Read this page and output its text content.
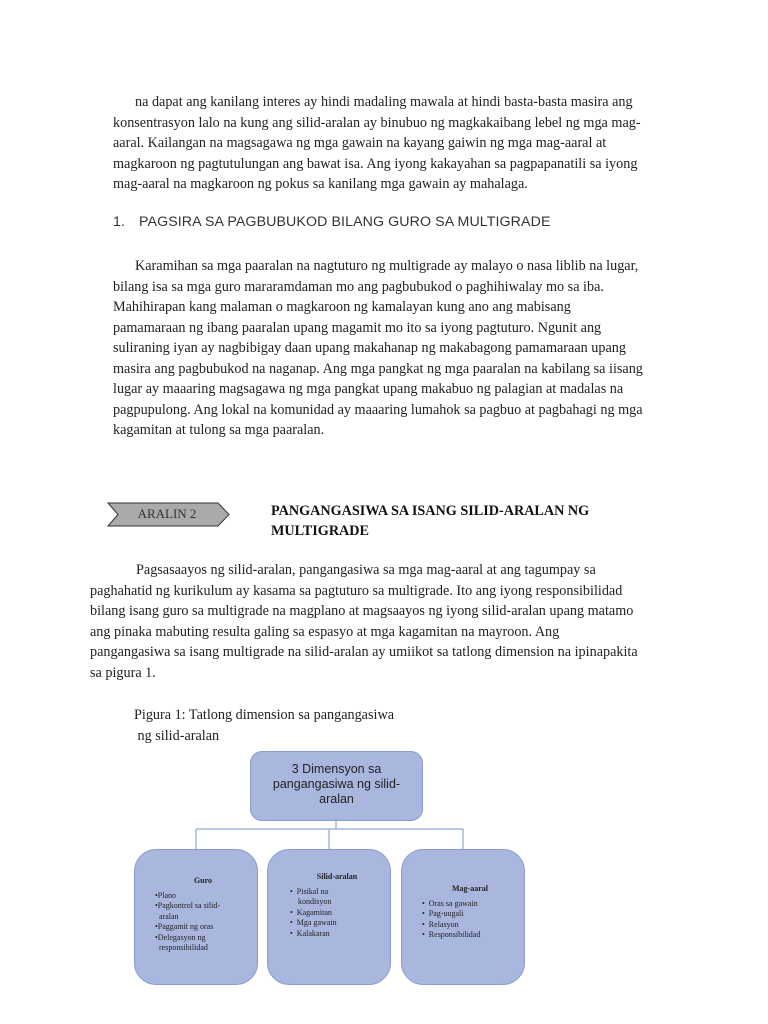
na dapat ang kanilang interes ay hindi madaling mawala at hindi basta-basta masira ang
konsentrasyon lalo na kung ang silid-aralan ay binubuo ng magkakaibang lebel ng mga mag-
aaral. Kailangan na magsagawa ng mga gawain na kayang gaiwin ng mga mag-aaral at
magkaroon ng pagtutulungan ang bawat isa. Ang iyong kakayahan sa pagpapanatili sa iyong
mag-aaral na magkaroon ng pokus sa kanilang mga gawain ay mahalaga.

1. PAGSIRA SA PAGBUBUKOD BILANG GURO SA MULTIGRADE

Karamihan sa mga paaralan na nagtuturo ng multigrade ay malayo o nasa liblib na lugar,
bilang isa sa mga guro mararamdaman mo ang pagbubukod o paghihiwalay mo sa iba.
Mahihirapan kang malaman o magkaroon ng kamalayan kung ano ang mabisang
pamamaraan ng ibang paaralan upang magamit mo ito sa iyong pagtuturo. Ngunit ang
suliraning iyan ay nagbibigay daan upang makahanap ng makabagong pamamaraan upang
masira ang pagbubukod na naganap. Ang mga pangkat ng mga paaralan na kabilang sa iisang
lugar ay maaaring magsagawa ng mga pangkat upang makabuo ng palagian at madalas na
pagpupulong. Ang lokal na komunidad ay maaaring lumahok sa pagbuo at pagbahagi ng mga
kagamitan at tulong sa mga paaralan.

ARALIN 2	PANGANGASIWA SA ISANG SILID-ARALAN NG MULTIGRADE

Pagsasaayos ng silid-aralan, pangangasiwa sa mga mag-aaral at ang tagumpay sa
paghahatid ng kurikulum ay kasama sa pagtuturo sa multigrade. Ito ang iyong responsibilidad
bilang isang guro sa multigrade na magplano at magsaayos ng iyong silid-aralan upang matamo
ang pinaka mabuting resulta galing sa espasyo at mga kagamitan na mayroon. Ang
pangangasiwa sa isang multigrade na silid-aralan ay umiikot sa tatlong dimension na ipinapakita
sa pigura 1.

Pigura 1: Tatlong dimension sa pangangasiwa
ng silid-aralan
3 Dimensyon sa
pangangasiwa ng silid-
aralan
Guro
•Plano
•Pagkontrol sa silid-
aralan
•Paggamit ng oras
•Delegasyon ng
responsibilidad
Silid-aralan
•  Pisikal na
kondisyon
•  Kagamitan
•  Mga gawain
•  Kalakaran
Mag-aaral
•  Oras sa gawain
•  Pag-uugali
•  Relasyon
•  Responsibilidad
